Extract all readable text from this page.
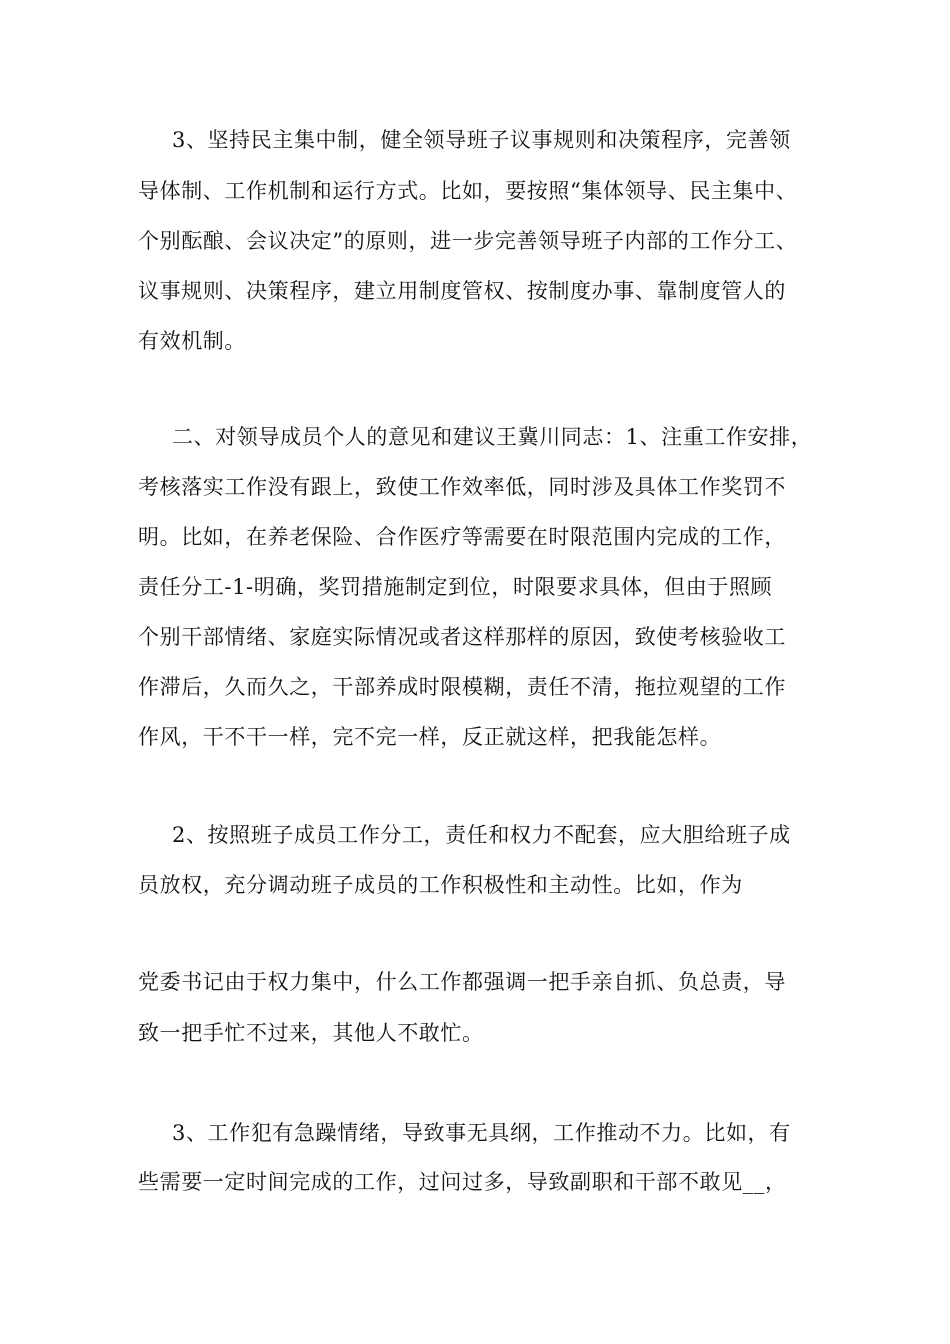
3、坚持民主集中制，健全领导班子议事规则和决策程序，完善领
导体制、工作机制和运行方式。比如，要按照“集体领导、民主集中、
个别酝酿、会议决定”的原则，进一步完善领导班子内部的工作分工、
议事规则、决策程序，建立用制度管权、按制度办事、靠制度管人的
有效机制。
二、对领导成员个人的意见和建议王冀川同志：1、注重工作安排，
考核落实工作没有跟上，致使工作效率低，同时涉及具体工作奖罚不
明。比如，在养老保险、合作医疗等需要在时限范围内完成的工作，
责任分工-1-明确，奖罚措施制定到位，时限要求具体，但由于照顾
个别干部情绪、家庭实际情况或者这样那样的原因，致使考核验收工
作滞后，久而久之，干部养成时限模糊，责任不清，拖拉观望的工作
作风，干不干一样，完不完一样，反正就这样，把我能怎样。
2、按照班子成员工作分工，责任和权力不配套，应大胆给班子成
员放权，充分调动班子成员的工作积极性和主动性。比如，作为
党委书记由于权力集中，什么工作都强调一把手亲自抓、负总责，导
致一把手忙不过来，其他人不敢忙。
3、工作犯有急躁情绪，导致事无具纲，工作推动不力。比如，有
些需要一定时间完成的工作，过问过多，导致副职和干部不敢见__，
